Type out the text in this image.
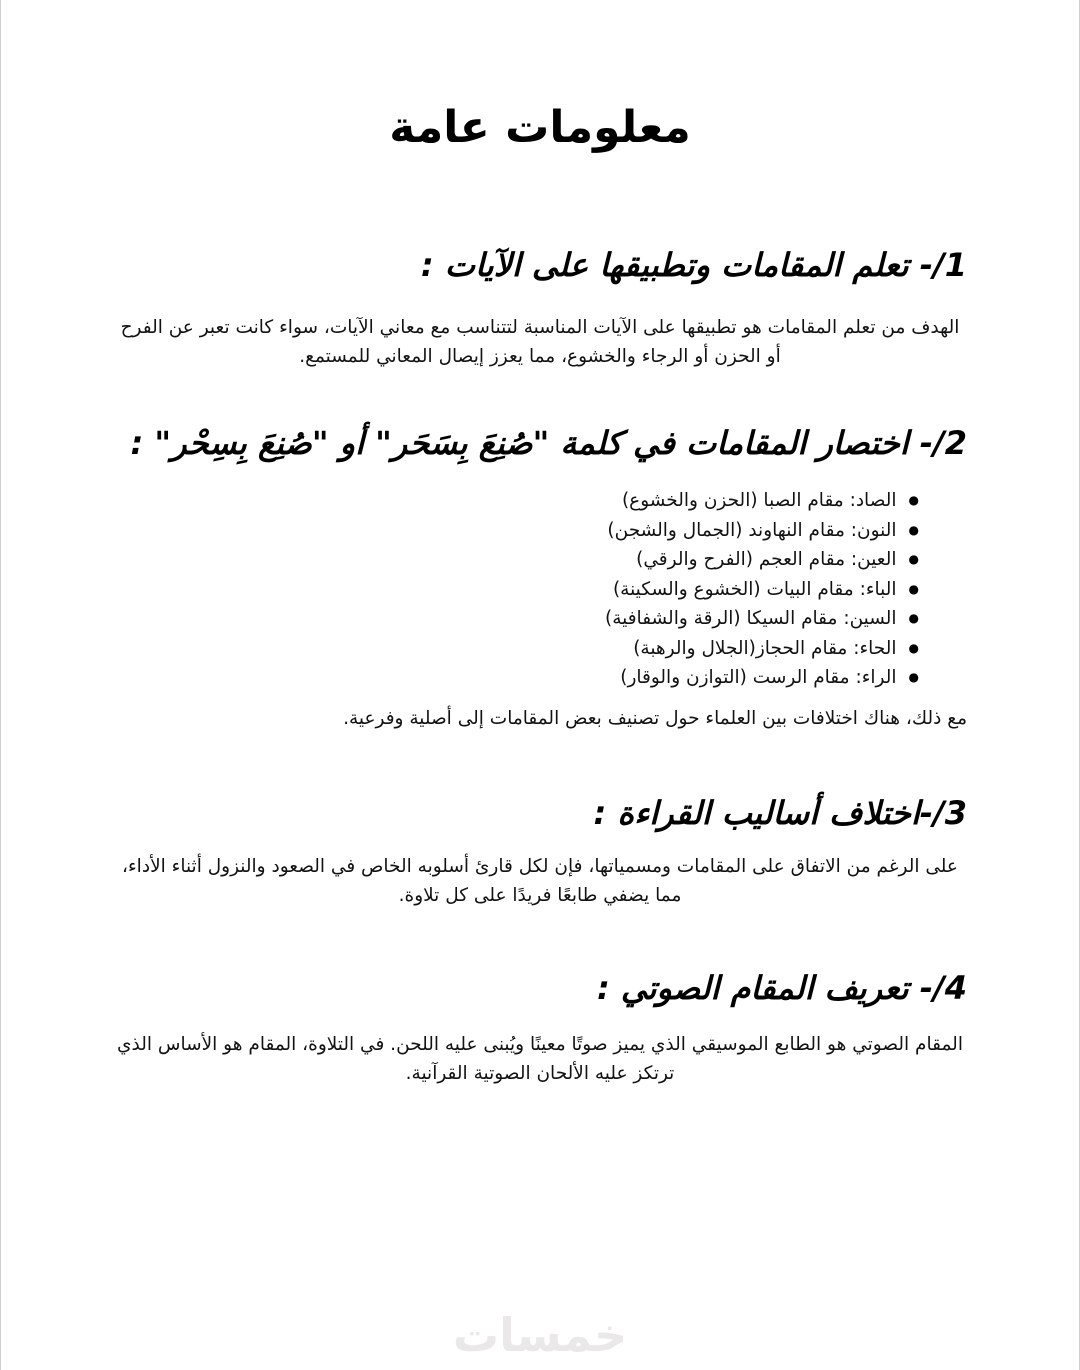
معلومات عامة
1/- تعلم المقامات وتطبيقها على الآيات :

الهدف من تعلم المقامات هو تطبيقها على الآيات المناسبة لتتناسب مع معاني الآيات، سواء كانت تعبر عن الفرح أو الحزن أو الرجاء والخشوع، مما يعزز إيصال المعاني للمستمع.

2/- اختصار المقامات في كلمة "صُنِعَ بِسَحَر" أو "صُنِعَ بِسِحْر" :
●الصاد: مقام الصبا (الحزن والخشوع)
●النون: مقام النهاوند (الجمال والشجن)
●العين: مقام العجم (الفرح والرقي)
●الباء: مقام البيات (الخشوع والسكينة)
●السين: مقام السيكا (الرقة والشفافية)
●الحاء: مقام الحجاز(الجلال والرهبة)
●الراء: مقام الرست (التوازن والوقار)

مع ذلك، هناك اختلافات بين العلماء حول تصنيف بعض المقامات إلى أصلية وفرعية.

3/-اختلاف أساليب القراءة :

على الرغم من الاتفاق على المقامات ومسمياتها، فإن لكل قارئ أسلوبه الخاص في الصعود والنزول أثناء الأداء، مما يضفي طابعًا فريدًا على كل تلاوة.

4/- تعريف المقام الصوتي :

المقام الصوتي هو الطابع الموسيقي الذي يميز صوتًا معينًا ويُبنى عليه اللحن. في التلاوة، المقام هو الأساس الذي ترتكز عليه الألحان الصوتية القرآنية.

خمسات
